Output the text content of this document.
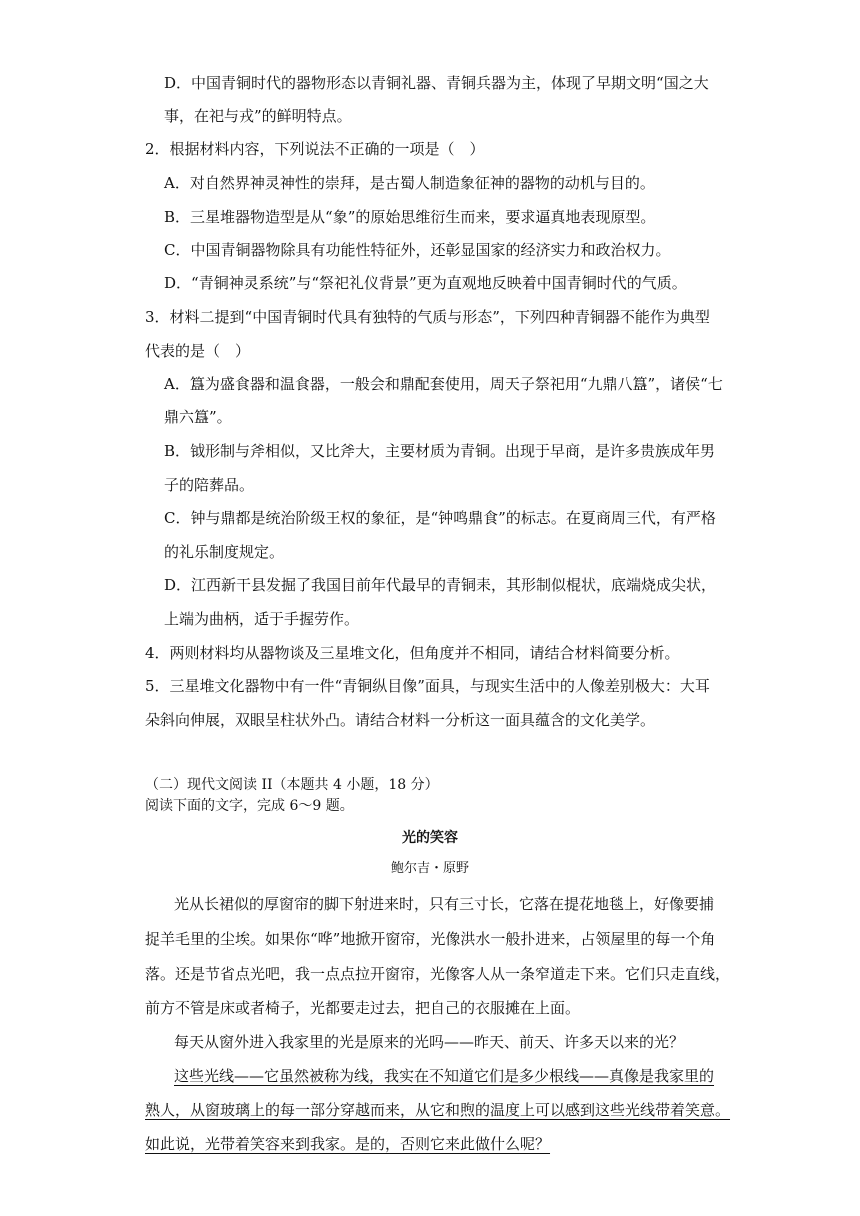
D．中国青铜时代的器物形态以青铜礼器、青铜兵器为主，体现了早期文明“国之大
事，在祀与戎”的鲜明特点。
2．根据材料内容，下列说法不正确的一项是（　）
A．对自然界神灵神性的崇拜，是古蜀人制造象征神的器物的动机与目的。
B．三星堆器物造型是从“象”的原始思维衍生而来，要求逼真地表现原型。
C．中国青铜器物除具有功能性特征外，还彰显国家的经济实力和政治权力。
D．“青铜神灵系统”与“祭祀礼仪背景”更为直观地反映着中国青铜时代的气质。
3．材料二提到“中国青铜时代具有独特的气质与形态”，下列四种青铜器不能作为典型
代表的是（　）
A．簋为盛食器和温食器，一般会和鼎配套使用，周天子祭祀用“九鼎八簋”，诸侯“七
鼎六簋”。
B．钺形制与斧相似，又比斧大，主要材质为青铜。出现于早商，是许多贵族成年男
子的陪葬品。
C．钟与鼎都是统治阶级王权的象征，是“钟鸣鼎食”的标志。在夏商周三代，有严格
的礼乐制度规定。
D．江西新干县发掘了我国目前年代最早的青铜耒，其形制似棍状，底端烧成尖状，
上端为曲柄，适于手握劳作。
4．两则材料均从器物谈及三星堆文化，但角度并不相同，请结合材料简要分析。
5．三星堆文化器物中有一件“青铜纵目像”面具，与现实生活中的人像差别极大：大耳
朵斜向伸展，双眼呈柱状外凸。请结合材料一分析这一面具蕴含的文化美学。
（二）现代文阅读 II（本题共 4 小题，18 分）
阅读下面的文字，完成 6～9 题。
光的笑容
鲍尔吉・原野
光从长裙似的厚窗帘的脚下射进来时，只有三寸长，它落在提花地毯上，好像要捕
捉羊毛里的尘埃。如果你“哗”地掀开窗帘，光像洪水一般扑进来，占领屋里的每一个角
落。还是节省点光吧，我一点点拉开窗帘，光像客人从一条窄道走下来。它们只走直线，
前方不管是床或者椅子，光都要走过去，把自己的衣服摊在上面。
每天从窗外进入我家里的光是原来的光吗——昨天、前天、许多天以来的光？
这些光线——它虽然被称为线，我实在不知道它们是多少根线——真像是我家里的
熟人，从窗玻璃上的每一部分穿越而来，从它和煦的温度上可以感到这些光线带着笑意。
如此说，光带着笑容来到我家。是的，否则它来此做什么呢？
